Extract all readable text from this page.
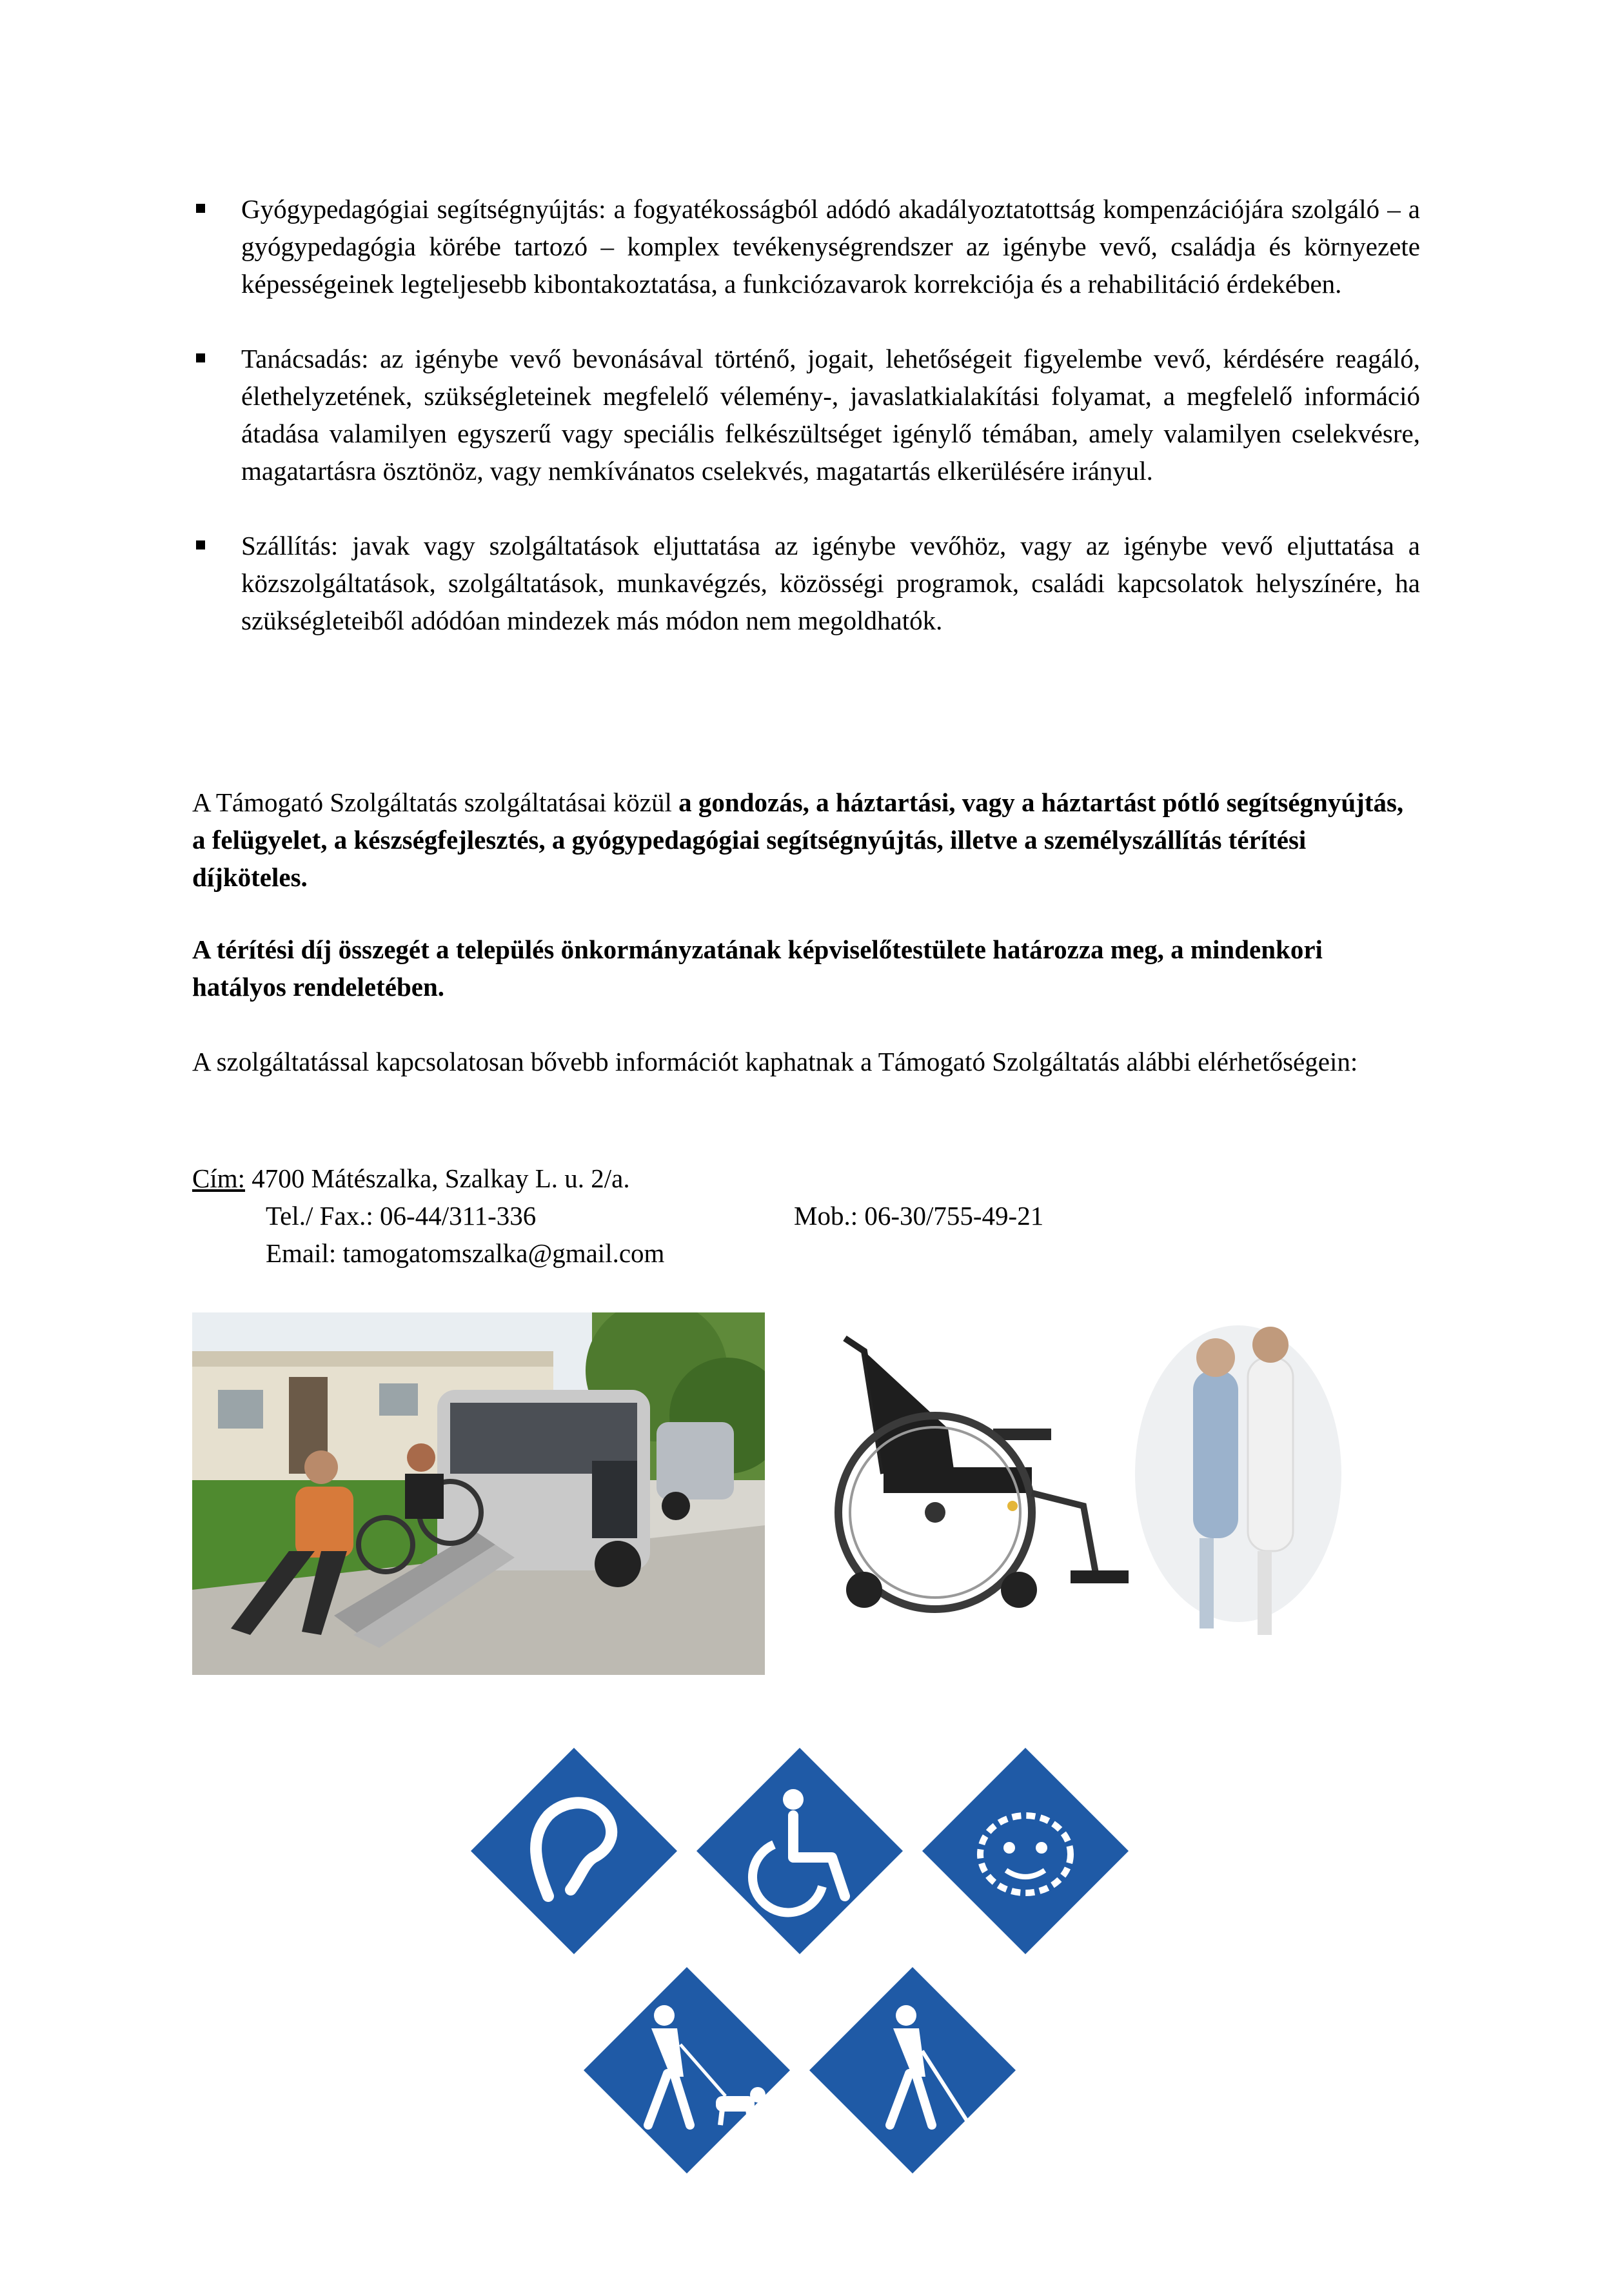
Gyógypedagógiai segítségnyújtás: a fogyatékosságból adódó akadályoztatottság kompenzációjára szolgáló – a gyógypedagógia körébe tartozó – komplex tevékenységrendszer az igénybe vevő, családja és környezete képességeinek legteljesebb kibontakoztatása, a funkciózavarok korrekciója és a rehabilitáció érdekében.
Tanácsadás: az igénybe vevő bevonásával történő, jogait, lehetőségeit figyelembe vevő, kérdésére reagáló, élethelyzetének, szükségleteinek megfelelő vélemény-, javaslatkialakítási folyamat, a megfelelő információ átadása valamilyen egyszerű vagy speciális felkészültséget igénylő témában, amely valamilyen cselekvésre, magatartásra ösztönöz, vagy nemkívánatos cselekvés, magatartás elkerülésére irányul.
Szállítás: javak vagy szolgáltatások eljuttatása az igénybe vevőhöz, vagy az igénybe vevő eljuttatása a közszolgáltatások, szolgáltatások, munkavégzés, közösségi programok, családi kapcsolatok helyszínére, ha szükségleteiből adódóan mindezek más módon nem megoldhatók.

A Támogató Szolgáltatás szolgáltatásai közül a gondozás, a háztartási, vagy a háztartást pótló segítségnyújtás, a felügyelet, a készségfejlesztés, a gyógypedagógiai segítségnyújtás, illetve a személyszállítás térítési díjköteles.

A térítési díj összegét a település önkormányzatának képviselőtestülete határozza meg, a mindenkori hatályos rendeletében.

A szolgáltatással kapcsolatosan bővebb információt kaphatnak a Támogató Szolgáltatás alábbi elérhetőségein:

Cím: 4700 Mátészalka, Szalkay L. u. 2/a.
Tel./ Fax.: 06-44/311-336	Mob.: 06-30/755-49-21
Email: tamogatomszalka@gmail.com
